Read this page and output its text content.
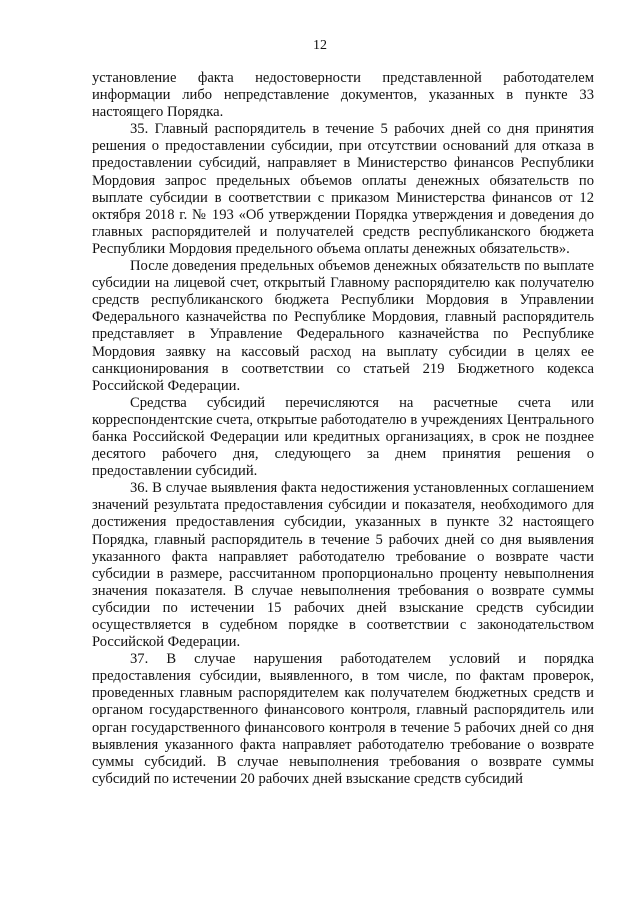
12

установление факта недостоверности представленной работодателем информации либо непредставление документов, указанных в пункте 33 настоящего Порядка.

35. Главный распорядитель в течение 5 рабочих дней со дня принятия решения о предоставлении субсидии, при отсутствии оснований для отказа в предоставлении субсидий, направляет в Министерство финансов Республики Мордовия запрос предельных объемов оплаты денежных обязательств по выплате субсидии в соответствии с приказом Министерства финансов от 12 октября 2018 г. № 193 «Об утверждении Порядка утверждения и доведения до главных распорядителей и получателей средств республиканского бюджета Республики Мордовия предельного объема оплаты денежных обязательств».

После доведения предельных объемов денежных обязательств по выплате субсидии на лицевой счет, открытый Главному распорядителю как получателю средств республиканского бюджета Республики Мордовия в Управлении Федерального казначейства по Республике Мордовия, главный распорядитель представляет в Управление Федерального казначейства по Республике Мордовия заявку на кассовый расход на выплату субсидии в целях ее санкционирования в соответствии со статьей 219 Бюджетного кодекса Российской Федерации.

Средства субсидий перечисляются на расчетные счета или корреспондентские счета, открытые работодателю в учреждениях Центрального банка Российской Федерации или кредитных организациях, в срок не позднее десятого рабочего дня, следующего за днем принятия решения о предоставлении субсидий.

36. В случае выявления факта недостижения установленных соглашением значений результата предоставления субсидии и показателя, необходимого для достижения предоставления субсидии, указанных в пункте 32 настоящего Порядка, главный распорядитель в течение 5 рабочих дней со дня выявления указанного факта направляет работодателю требование о возврате части субсидии в размере, рассчитанном пропорционально проценту невыполнения значения показателя. В случае невыполнения требования о возврате суммы субсидии по истечении 15 рабочих дней взыскание средств субсидии осуществляется в судебном порядке в соответствии с законодательством Российской Федерации.

37. В случае нарушения работодателем условий и порядка предоставления субсидии, выявленного, в том числе, по фактам проверок, проведенных главным распорядителем как получателем бюджетных средств и органом государственного финансового контроля, главный распорядитель или орган государственного финансового контроля в течение 5 рабочих дней со дня выявления указанного факта направляет работодателю требование о возврате суммы субсидий. В случае невыполнения требования о возврате суммы субсидий по истечении 20 рабочих дней взыскание средств субсидий
